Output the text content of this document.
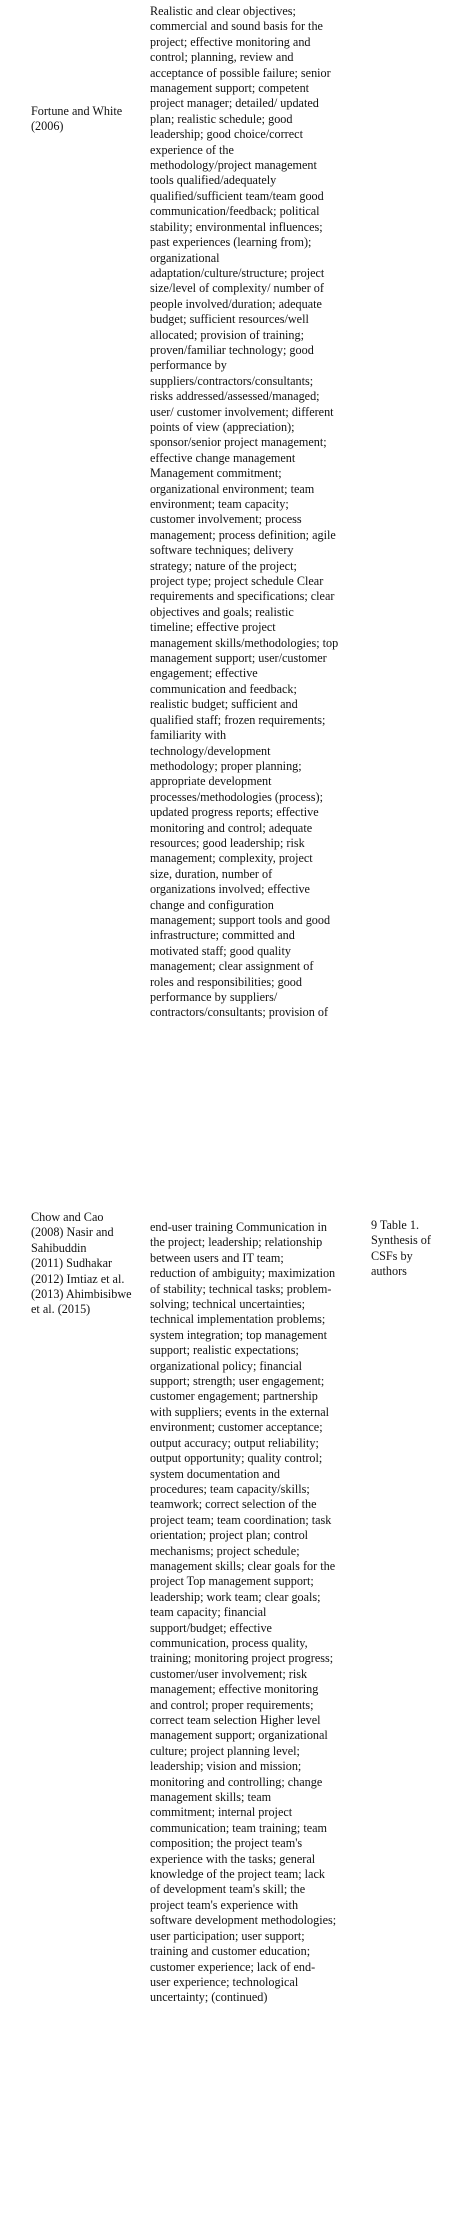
Fortune and White
(2006)

Realistic and clear objectives;
commercial and sound basis for the
project; effective monitoring and
control; planning, review and
acceptance of possible failure; senior
management support; competent
project manager; detailed/ updated
plan; realistic schedule; good
leadership; good choice/correct
experience of the
methodology/project management
tools qualified/adequately
qualified/sufficient team/team good
communication/feedback; political
stability; environmental influences;
past experiences (learning from);
organizational
adaptation/culture/structure; project
size/level of complexity/ number of
people involved/duration; adequate
budget; sufficient resources/well
allocated; provision of training;
proven/familiar technology; good
performance by
suppliers/contractors/consultants;
risks addressed/assessed/managed;
user/ customer involvement; different
points of view (appreciation);
sponsor/senior project management;
effective change management
Management commitment;
organizational environment; team
environment; team capacity;
customer involvement; process
management; process definition; agile
software techniques; delivery
strategy; nature of the project;
project type; project schedule Clear
requirements and specifications; clear
objectives and goals; realistic
timeline; effective project
management skills/methodologies; top
management support; user/customer
engagement; effective
communication and feedback;
realistic budget; sufficient and
qualified staff; frozen requirements;
familiarity with
technology/development
methodology; proper planning;
appropriate development
processes/methodologies (process);
updated progress reports; effective
monitoring and control; adequate
resources; good leadership; risk
management; complexity, project
size, duration, number of
organizations involved; effective
change and configuration
management; support tools and good
infrastructure; committed and
motivated staff; good quality
management; clear assignment of
roles and responsibilities; good
performance by suppliers/
contractors/consultants; provision of

Chow and Cao
(2008) Nasir and
Sahibuddin
(2011) Sudhakar
(2012) Imtiaz et al.
(2013) Ahimbisibwe
et al. (2015)

end-user training Communication in
the project; leadership; relationship
between users and IT team;
reduction of ambiguity; maximization
of stability; technical tasks; problem-
solving; technical uncertainties;
technical implementation problems;
system integration; top management
support; realistic expectations;
organizational policy; financial
support; strength; user engagement;
customer engagement; partnership
with suppliers; events in the external
environment; customer acceptance;
output accuracy; output reliability;
output opportunity; quality control;
system documentation and
procedures; team capacity/skills;
teamwork; correct selection of the
project team; team coordination; task
orientation; project plan; control
mechanisms; project schedule;
management skills; clear goals for the
project Top management support;
leadership; work team; clear goals;
team capacity; financial
support/budget; effective
communication, process quality,
training; monitoring project progress;
customer/user involvement; risk
management; effective monitoring
and control; proper requirements;
correct team selection Higher level
management support; organizational
culture; project planning level;
leadership; vision and mission;
monitoring and controlling; change
management skills; team
commitment; internal project
communication; team training; team
composition; the project team's
experience with the tasks; general
knowledge of the project team; lack
of development team's skill; the
project team's experience with
software development methodologies;
user participation; user support;
training and customer education;
customer experience; lack of end-
user experience; technological
uncertainty; (continued)

9 Table 1.
Synthesis of
CSFs by
authors
